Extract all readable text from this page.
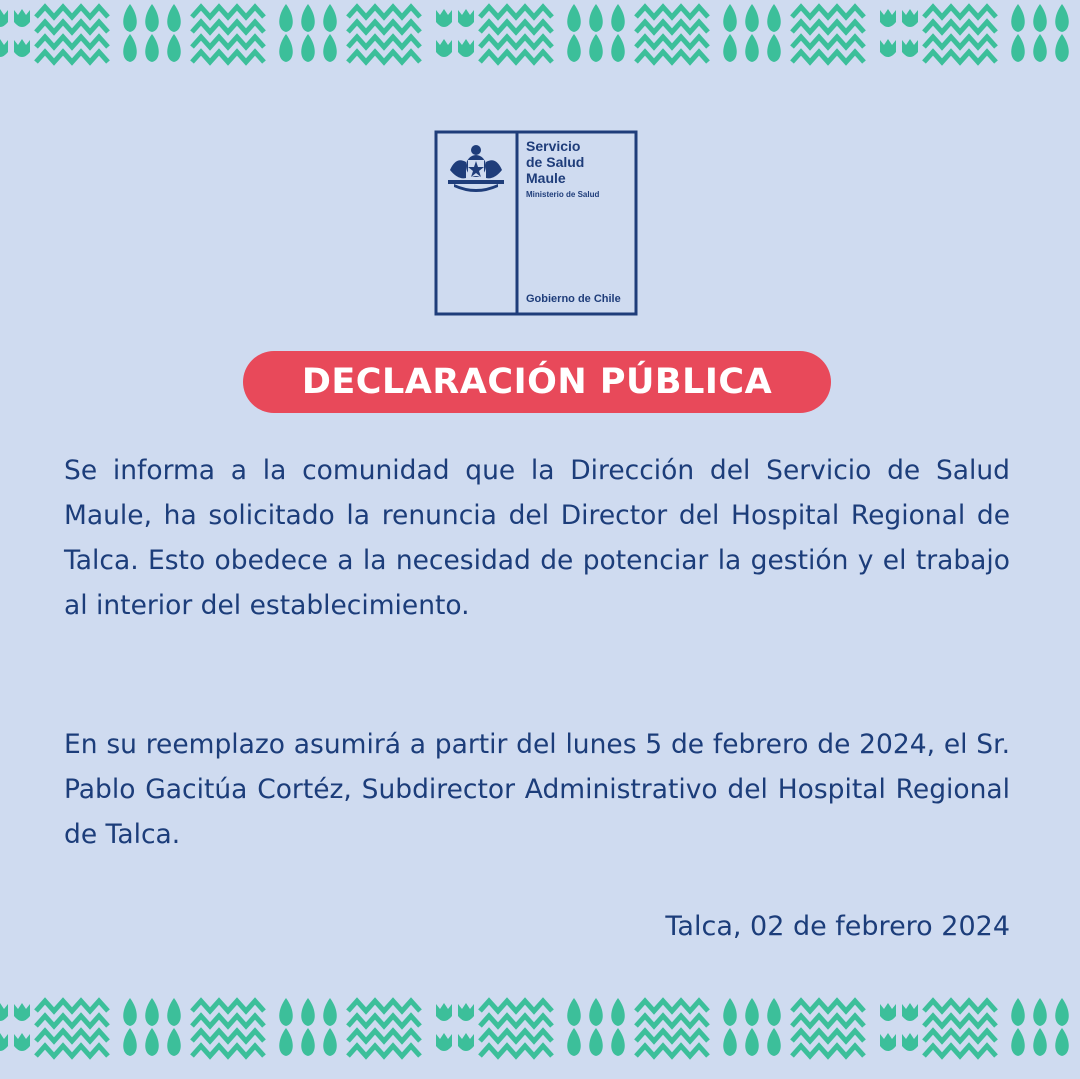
Servicio
de Salud
Maule
Ministerio de Salud
Gobierno de Chile
DECLARACIÓN PÚBLICA

Se informa a la comunidad que la Dirección del Servicio de Salud Maule, ha solicitado la renuncia del Director del Hospital Regional de Talca. Esto obedece a la necesidad de potenciar la gestión y el trabajo al interior del establecimiento.

En su reemplazo asumirá a partir del lunes 5 de febrero de 2024, el Sr. Pablo Gacitúa Cortéz, Subdirector Administrativo del Hospital Regional de Talca.

Talca, 02 de febrero 2024
